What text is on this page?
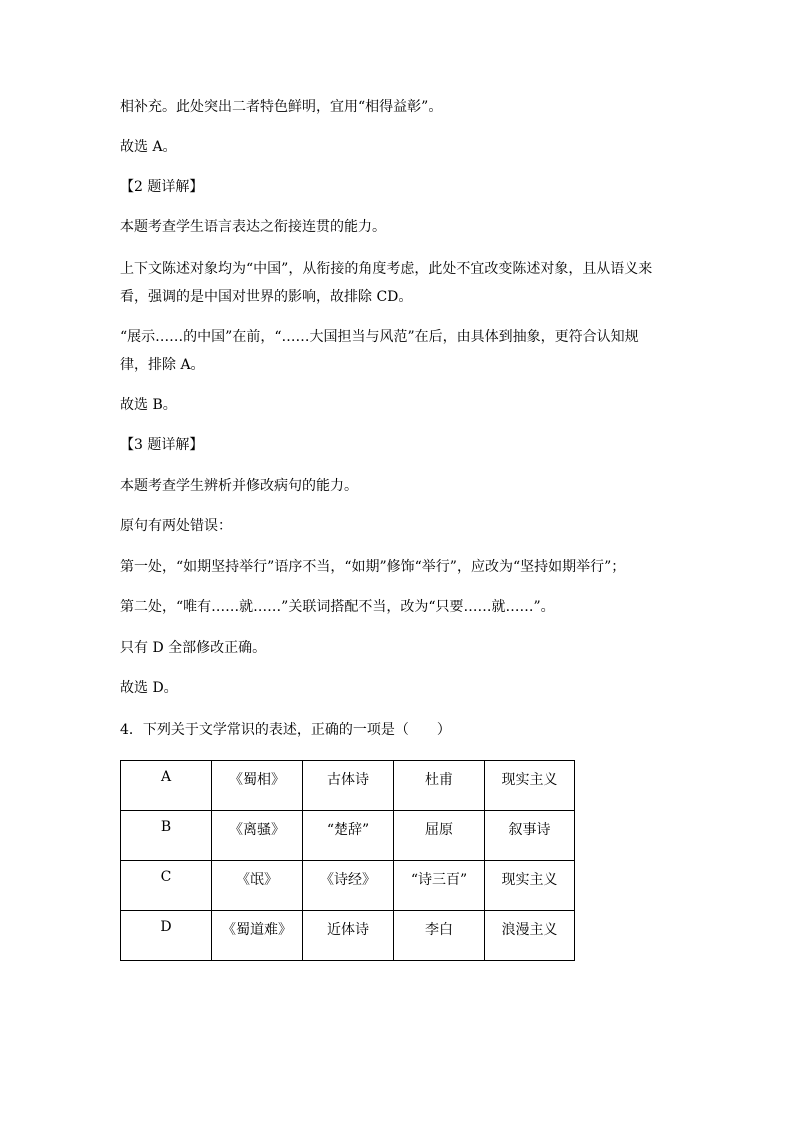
相补充。此处突出二者特色鲜明，宜用“相得益彰”。
故选 A。
【2 题详解】
本题考查学生语言表达之衔接连贯的能力。
上下文陈述对象均为“中国”，从衔接的角度考虑，此处不宜改变陈述对象，且从语义来
看，强调的是中国对世界的影响，故排除 CD。
“展示……的中国”在前，“……大国担当与风范”在后，由具体到抽象，更符合认知规
律，排除 A。
故选 B。
【3 题详解】
本题考查学生辨析并修改病句的能力。
原句有两处错误：
第一处，“如期坚持举行”语序不当，“如期”修饰“举行”，应改为“坚持如期举行”；
第二处，“唯有……就……”关联词搭配不当，改为“只要……就……”。
只有 D 全部修改正确。
故选 D。
4．下列关于文学常识的表述，正确的一项是（　　）
A	《蜀相》	古体诗	杜甫	现实主义
B	《离骚》	“楚辞”	屈原	叙事诗
C	《氓》	《诗经》	“诗三百”	现实主义
D	《蜀道难》	近体诗	李白	浪漫主义
